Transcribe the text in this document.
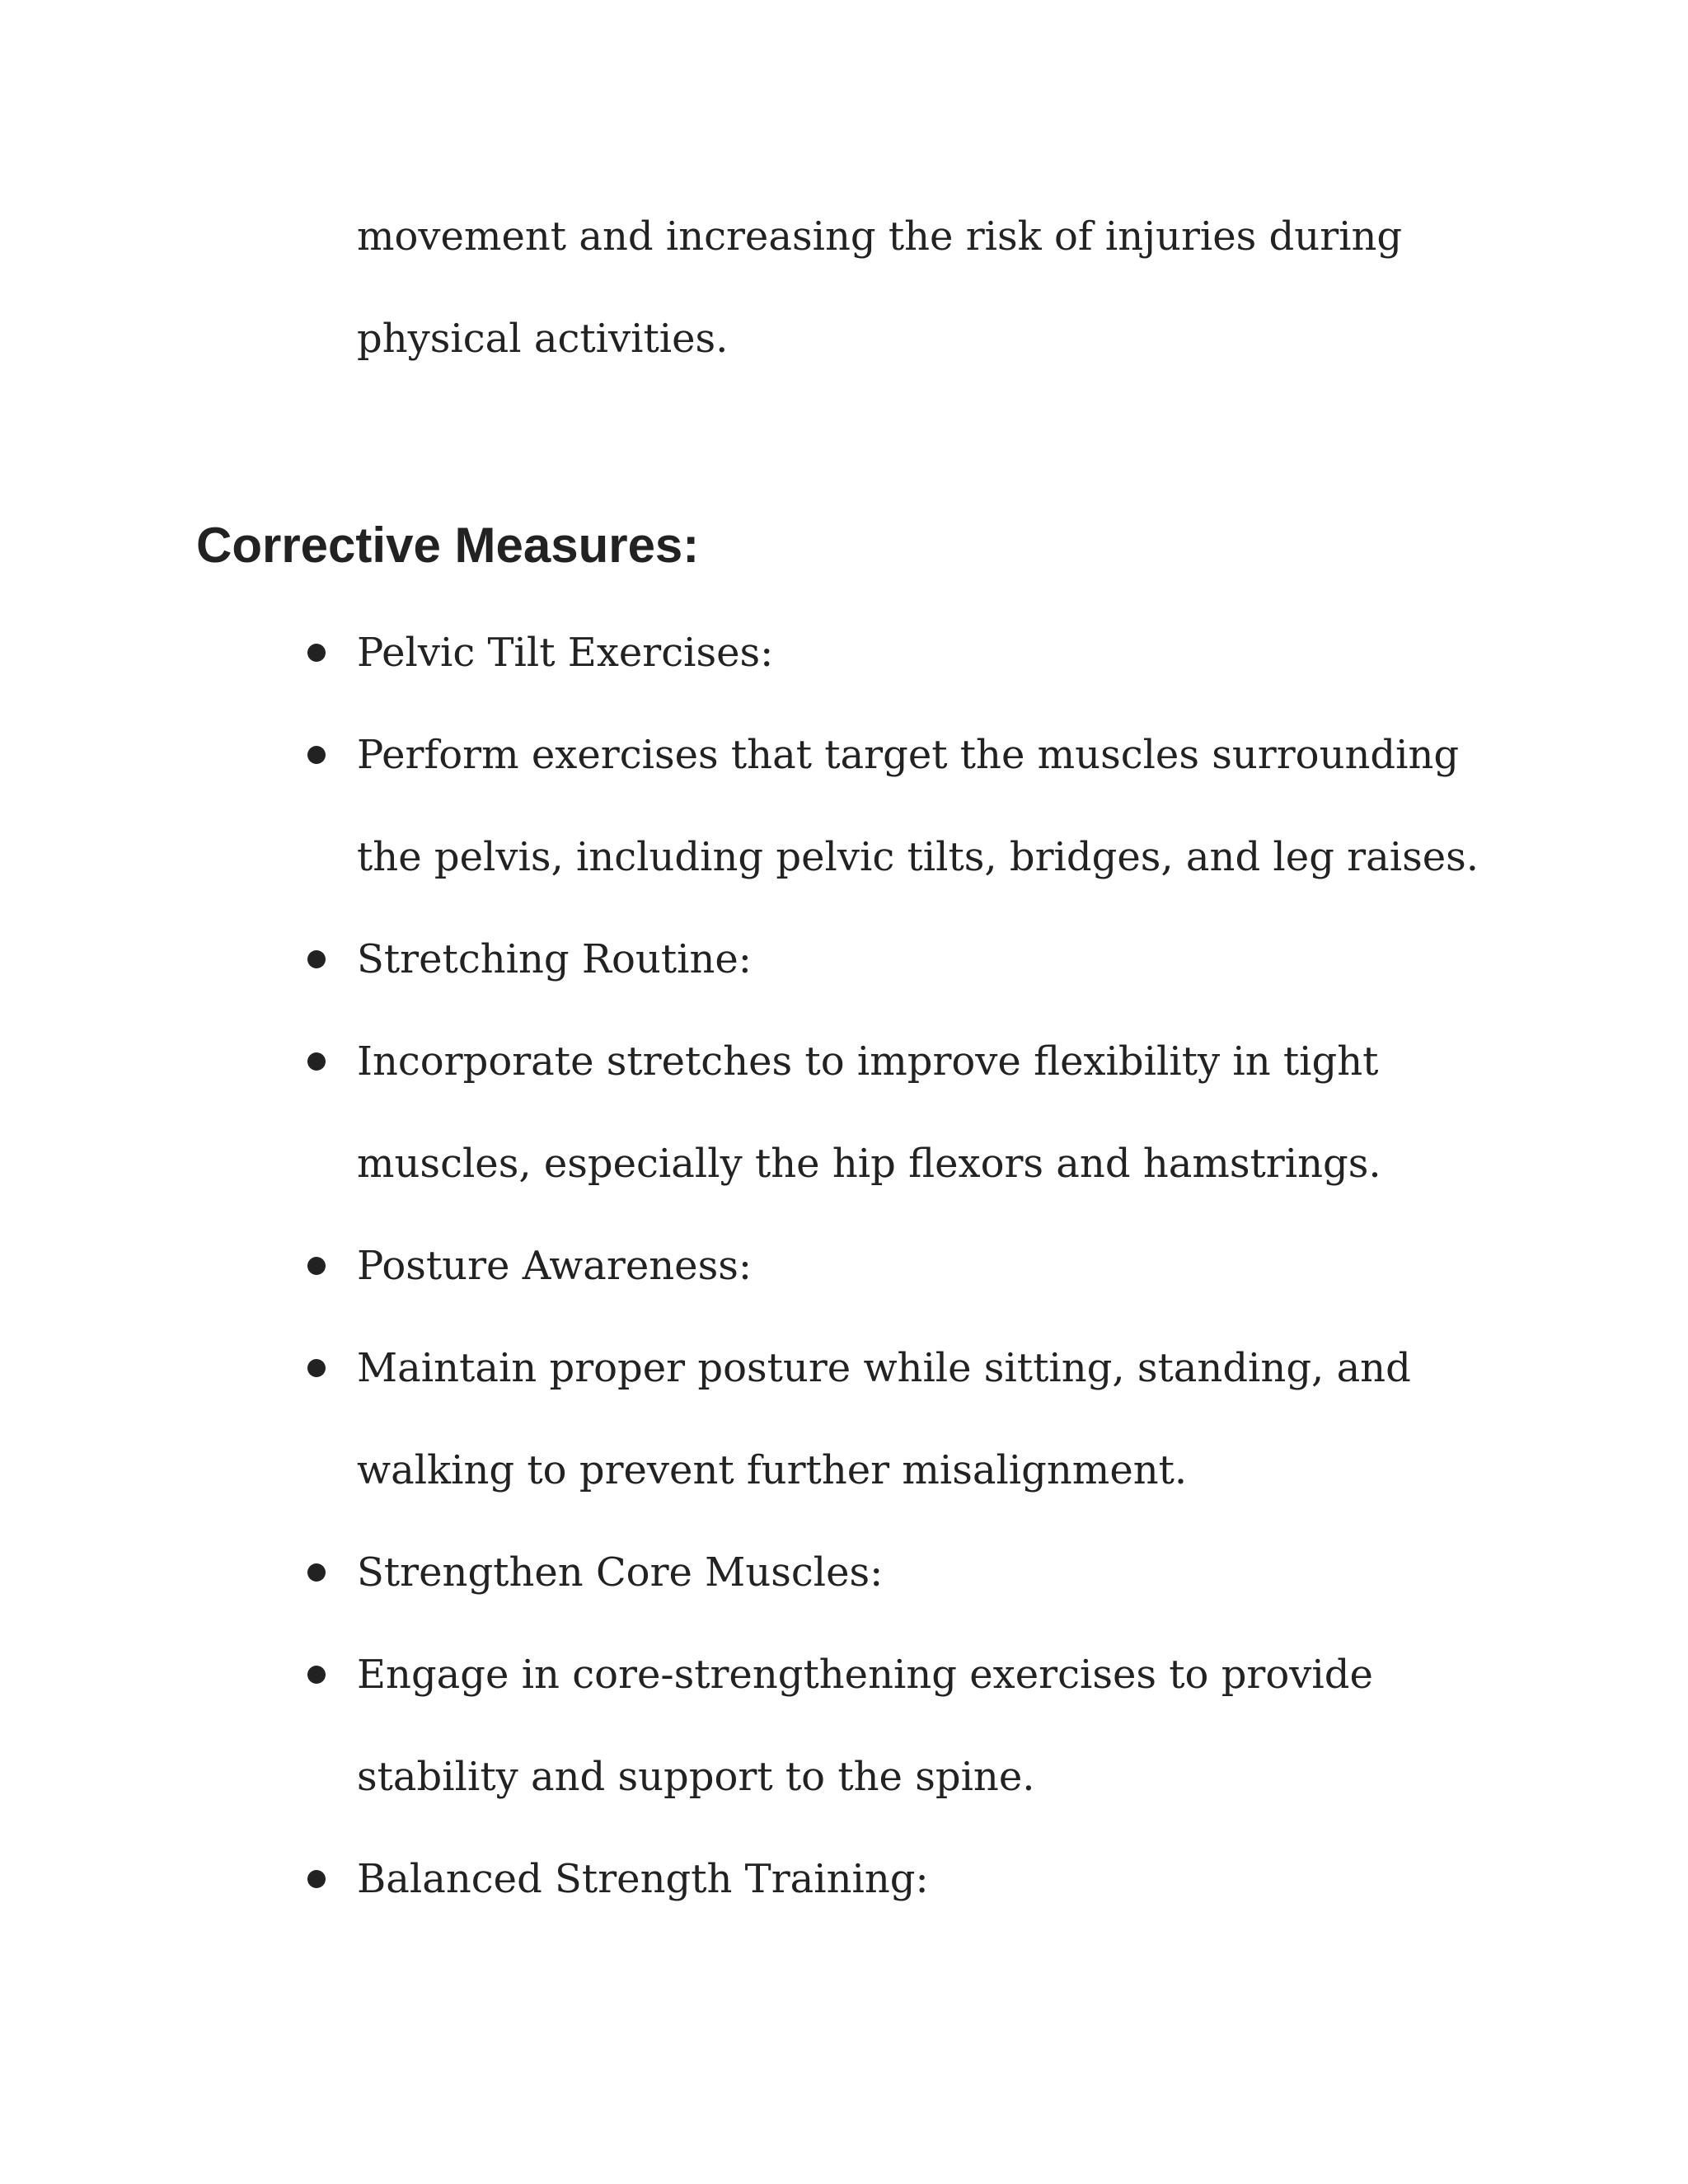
movement and increasing the risk of injuries during physical activities.

Corrective Measures:
Pelvic Tilt Exercises:
Perform exercises that target the muscles surrounding the pelvis, including pelvic tilts, bridges, and leg raises.
Stretching Routine:
Incorporate stretches to improve flexibility in tight muscles, especially the hip flexors and hamstrings.
Posture Awareness:
Maintain proper posture while sitting, standing, and walking to prevent further misalignment.
Strengthen Core Muscles:
Engage in core-strengthening exercises to provide stability and support to the spine.
Balanced Strength Training:
